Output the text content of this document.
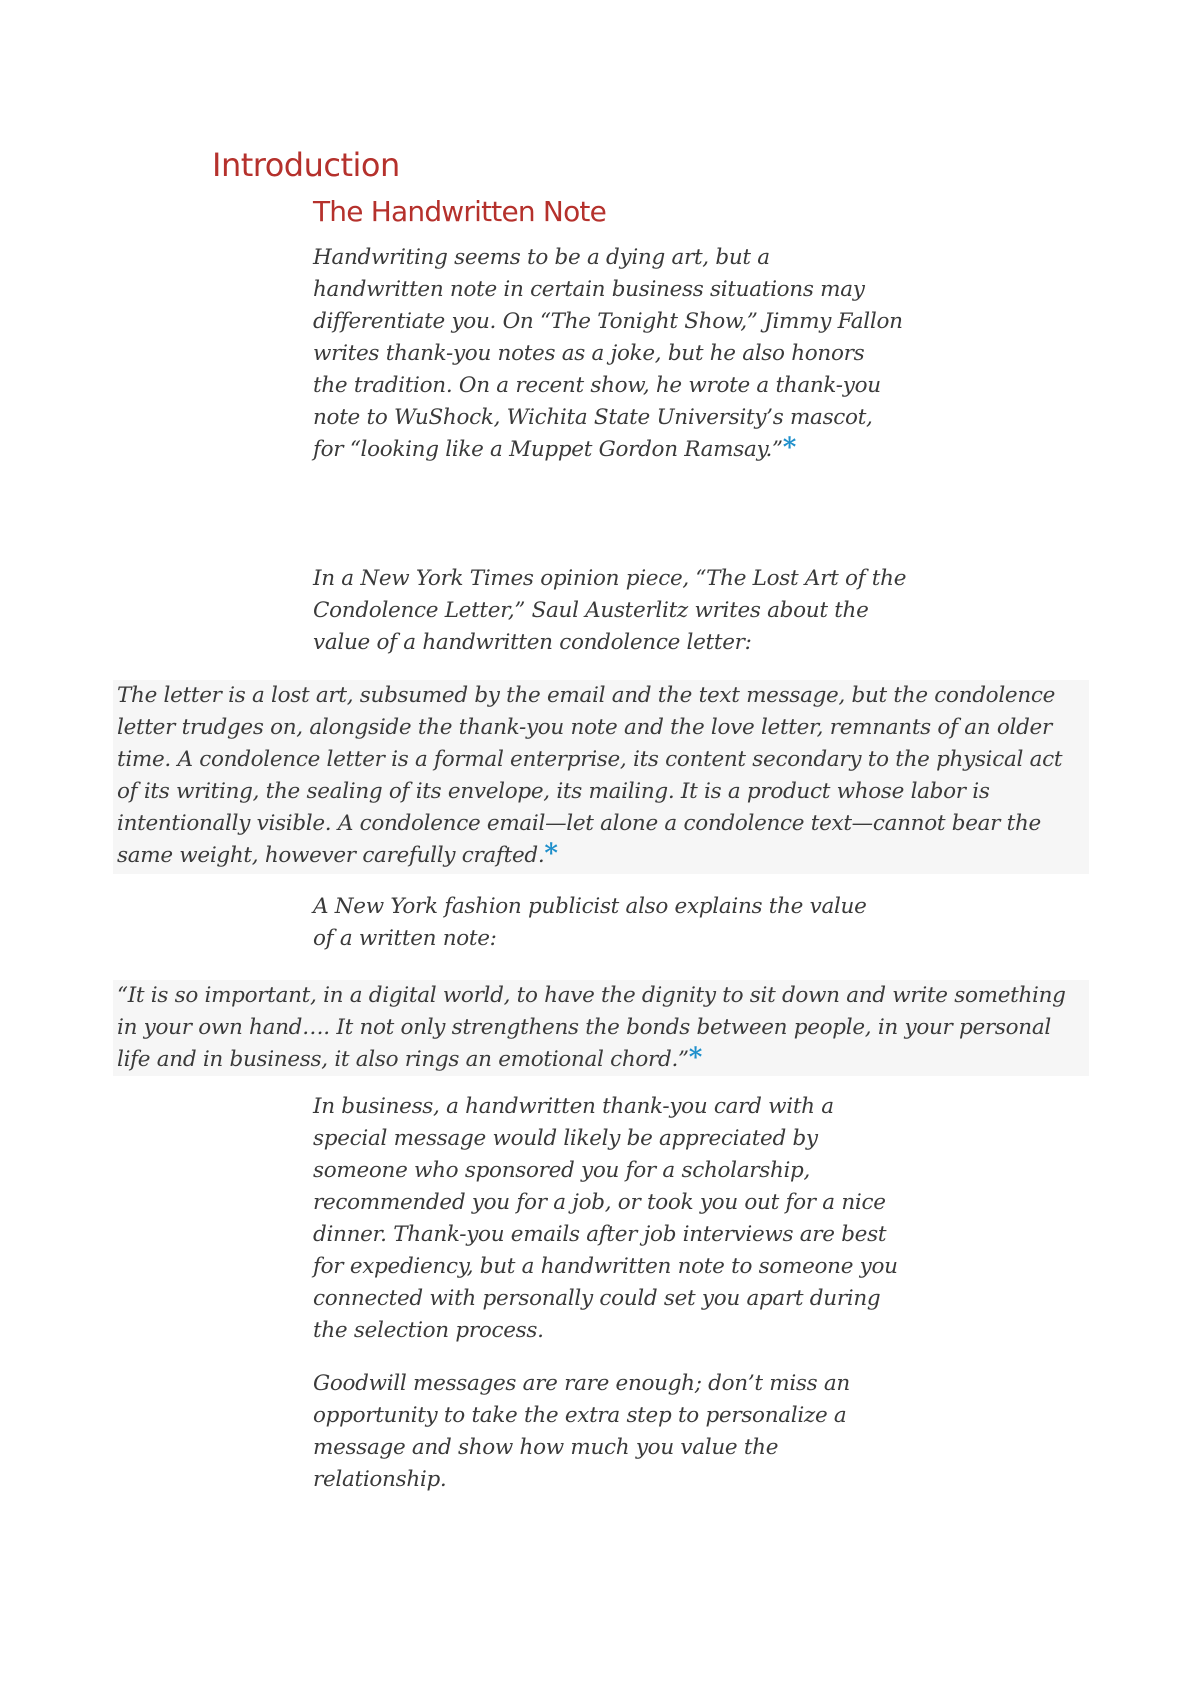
Introduction
The Handwritten Note

Handwriting seems to be a dying art, but a handwritten note in certain business situations may differentiate you. On “The Tonight Show,” Jimmy Fallon writes thank-you notes as a joke, but he also honors the tradition. On a recent show, he wrote a thank-you note to WuShock, Wichita State University’s mascot, for “looking like a Muppet Gordon Ramsay.”*

In a New York Times opinion piece, “The Lost Art of the Condolence Letter,” Saul Austerlitz writes about the value of a handwritten condolence letter:

The letter is a lost art, subsumed by the email and the text message, but the condolence letter trudges on, alongside the thank-you note and the love letter, remnants of an older time. A condolence letter is a formal enterprise, its content secondary to the physical act of its writing, the sealing of its envelope, its mailing. It is a product whose labor is intentionally visible. A condolence email—let alone a condolence text—cannot bear the same weight, however carefully crafted.*

A New York fashion publicist also explains the value of a written note:

“It is so important, in a digital world, to have the dignity to sit down and write something in your own hand…. It not only strengthens the bonds between people, in your personal life and in business, it also rings an emotional chord.”*

In business, a handwritten thank-you card with a special message would likely be appreciated by someone who sponsored you for a scholarship, recommended you for a job, or took you out for a nice dinner. Thank-you emails after job interviews are best for expediency, but a handwritten note to someone you connected with personally could set you apart during the selection process.

Goodwill messages are rare enough; don’t miss an opportunity to take the extra step to personalize a message and show how much you value the relationship.
